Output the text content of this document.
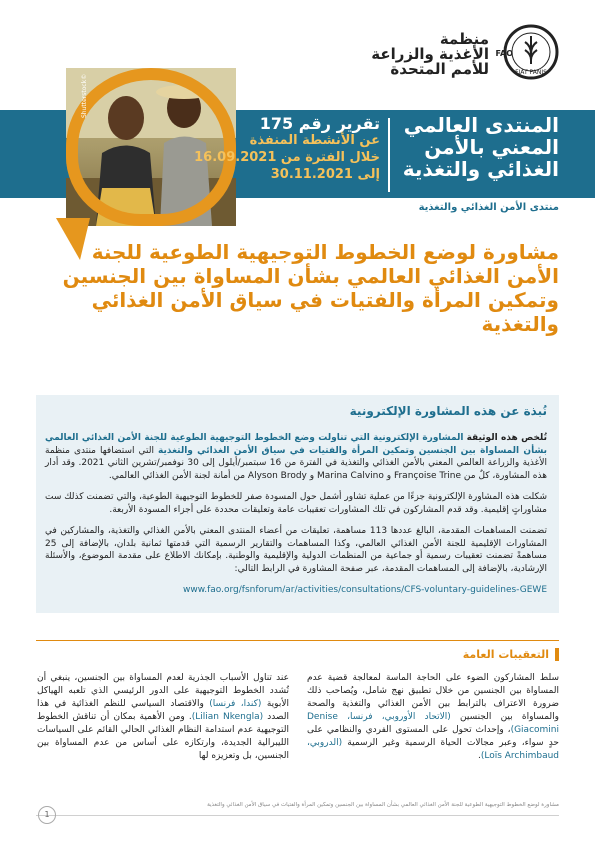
FIAT PANIS
FAO
منظمة
الأغذية والزراعة
للأمم المتحدة
©Shutterstock
المنتدى العالمي
المعني بالأمن
الغذائي والتغذية
تقرير رقم 175
عن الأنشطة المنفذة
خلال الفترة من 16.09.2021
إلى 30.11.2021
منتدى الأمن الغذائي والتغذية
مشاورة لوضع الخطوط التوجيهية الطوعية للجنة الأمن الغذائي العالمي بشأن المساواة بين الجنسين وتمكين المرأة والفتيات في سياق الأمن الغذائي والتغذية
نُبذة عن هذه المشاورة الإلكترونية

تُلخص هذه الوثيقة المشاورة الإلكترونية التي تناولت وضع الخطوط التوجيهية الطوعية للجنة الأمن الغذائي العالمي بشأن المساواة بين الجنسين وتمكين المرأة والفتيات في سياق الأمن الغذائي والتغذية التي استضافها منتدى منظمة الأغذية والزراعة العالمي المعني بالأمن الغذائي والتغذية في الفترة من 16 سبتمبر/أيلول إلى 30 نوفمبر/تشرين الثاني 2021. وقد أدار هذه المشاورة، كلٌ من Françoise Trine و Marina Calvino و Alyson Brody من أمانة لجنة الأمن الغذائي العالمي.

شكلت هذه المشاورة الإلكترونية جزءًا من عملية تشاور أشمل حول المسودة صفر للخطوط التوجيهية الطوعية، والتي تضمنت كذلك ست مشاوراتٍ إقليمية. وقد قدم المشاركون في تلك المشاورات تعقيبات عامة وتعليقات محددة على أجزاء المسودة الأربعة.

تضمنت المساهمات المقدمة، البالغ عددها 113 مساهمة، تعليقات من أعضاء المنتدى المعني بالأمن الغذائي والتغذية، والمشاركين في المشاورات الإقليمية للجنة الأمن الغذائي العالمي، وكذا المساهمات والتقارير الرسمية التي قدمتها ثمانية بلدان، بالإضافة إلى 25 مساهمةً تضمنت تعقيبات رسمية أو جماعية من المنظمات الدولية والإقليمية والوطنية. بإمكانك الاطلاع على مقدمة الموضوع، والأسئلة الإرشادية، بالإضافة إلى المساهمات المقدمة، عبر صفحة المشاورة في الرابط التالي:

www.fao.org/fsnforum/ar/activities/consultations/CFS-voluntary-guidelines-GEWE
التعقيبات العامة
سلط المشاركون الضوء على الحاجة الماسة لمعالجة قضية عدم المساواة بين الجنسين من خلال تطبيق نهج شامل، ويُصاحب ذلك ضرورة الاعتراف بالترابط بين الأمن الغذائي والتغذية والصحة والمساواة بين الجنسين (الاتحاد الأوروبي، فرنسا، Denise Giacomini)، وإحداث تحول على المستوى الفردي والنظامي على حدٍ سواء، وعبر مجالات الحياة الرسمية وغير الرسمية (الدروبي، Loïs Archimbaud).
عند تناول الأسباب الجذرية لعدم المساواة بين الجنسين، ينبغي أن تُشدد الخطوط التوجيهية على الدور الرئيسي الذي تلعبه الهياكل الأبوية (كندا، فرنسا) والاقتصاد السياسي للنظم الغذائية في هذا الصدد (Lilian Nkengla). ومن الأهمية بمكان أن تناقش الخطوط التوجيهية عدم استدامة النظام الغذائي الحالي القائم على السياسات الليبرالية الجديدة، وارتكازه على أساس من عدم المساواة بين الجنسين، بل وتعزيزه لها
مشاورة لوضع الخطوط التوجيهية الطوعية للجنة الأمن الغذائي العالمي بشأن المساواة بين الجنسين وتمكين المرأة والفتيات في سياق الأمن الغذائي والتغذية
1
